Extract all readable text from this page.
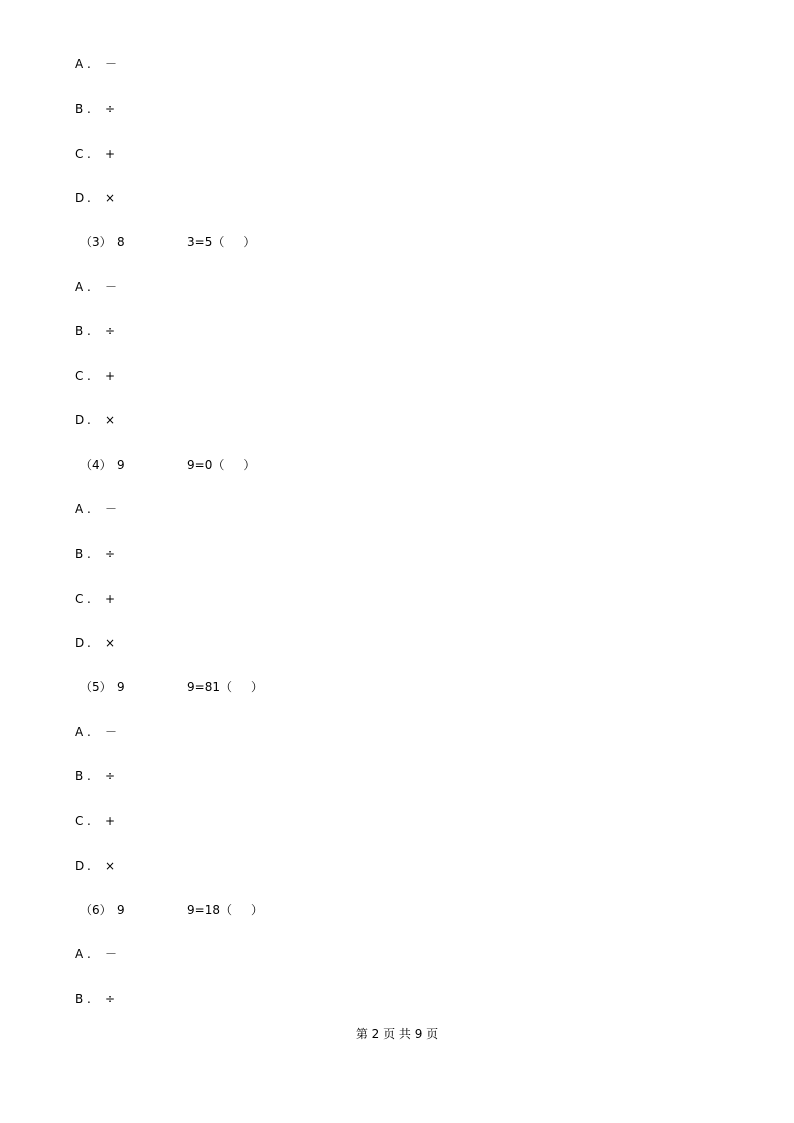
A . －
B . ÷
C . +
D . ×
（3） 8	3=5（     ）
A . －
B . ÷
C . +
D . ×
（4） 9	9=0（     ）
A . －
B . ÷
C . +
D . ×
（5） 9	9=81（     ）
A . －
B . ÷
C . +
D . ×
（6） 9	9=18（     ）
A . －
B . ÷
第 2 页 共 9 页
